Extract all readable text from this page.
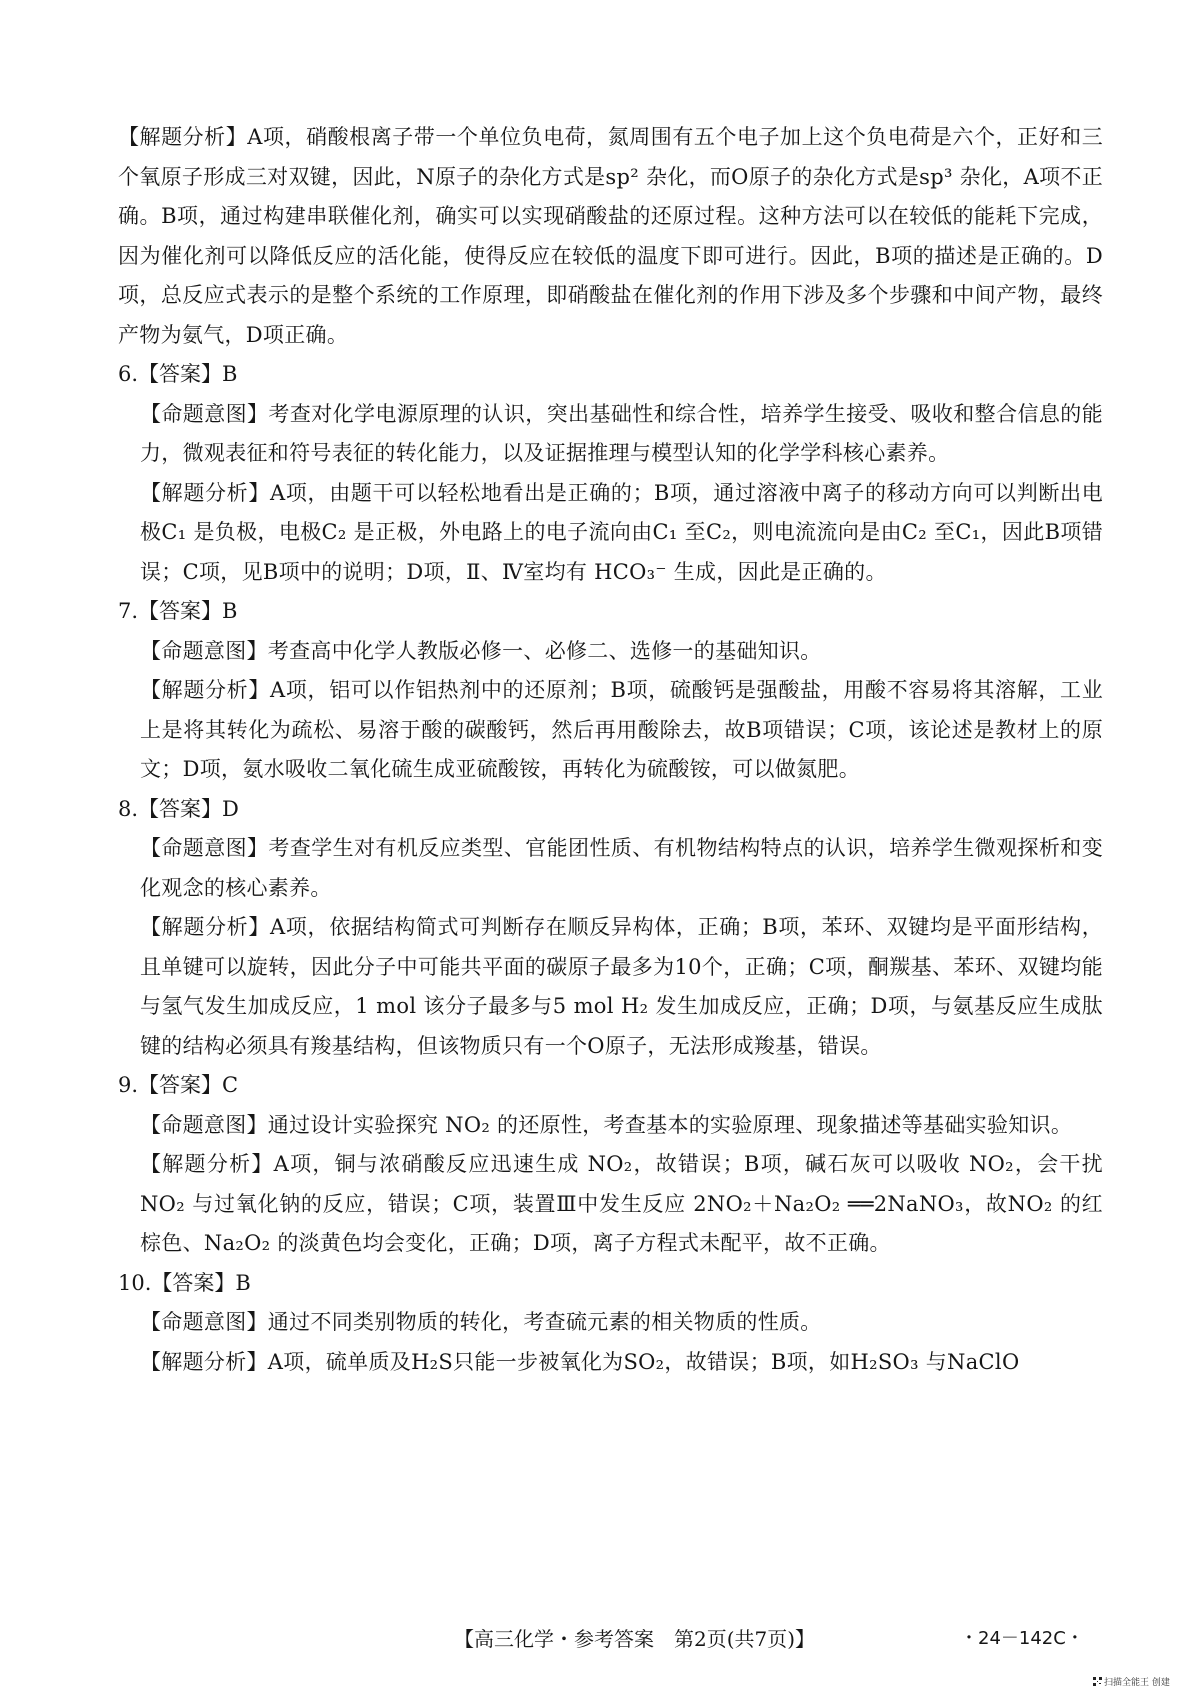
【解题分析】A项，硝酸根离子带一个单位负电荷，氮周围有五个电子加上这个负电荷是六个，正好和三个氧原子形成三对双键，因此，N原子的杂化方式是sp² 杂化，而O原子的杂化方式是sp³ 杂化，A项不正确。B项，通过构建串联催化剂，确实可以实现硝酸盐的还原过程。这种方法可以在较低的能耗下完成，因为催化剂可以降低反应的活化能，使得反应在较低的温度下即可进行。因此，B项的描述是正确的。D项，总反应式表示的是整个系统的工作原理，即硝酸盐在催化剂的作用下涉及多个步骤和中间产物，最终产物为氨气，D项正确。

6.【答案】B

【命题意图】考查对化学电源原理的认识，突出基础性和综合性，培养学生接受、吸收和整合信息的能力，微观表征和符号表征的转化能力，以及证据推理与模型认知的化学学科核心素养。

【解题分析】A项，由题干可以轻松地看出是正确的；B项，通过溶液中离子的移动方向可以判断出电极C₁ 是负极，电极C₂ 是正极，外电路上的电子流向由C₁ 至C₂，则电流流向是由C₂ 至C₁，因此B项错误；C项，见B项中的说明；D项，Ⅱ、Ⅳ室均有 HCO₃⁻ 生成，因此是正确的。

7.【答案】B

【命题意图】考查高中化学人教版必修一、必修二、选修一的基础知识。

【解题分析】A项，铝可以作铝热剂中的还原剂；B项，硫酸钙是强酸盐，用酸不容易将其溶解，工业上是将其转化为疏松、易溶于酸的碳酸钙，然后再用酸除去，故B项错误；C项，该论述是教材上的原文；D项，氨水吸收二氧化硫生成亚硫酸铵，再转化为硫酸铵，可以做氮肥。

8.【答案】D

【命题意图】考查学生对有机反应类型、官能团性质、有机物结构特点的认识，培养学生微观探析和变化观念的核心素养。

【解题分析】A项，依据结构简式可判断存在顺反异构体，正确；B项，苯环、双键均是平面形结构，且单键可以旋转，因此分子中可能共平面的碳原子最多为10个，正确；C项，酮羰基、苯环、双键均能与氢气发生加成反应，1 mol 该分子最多与5 mol H₂ 发生加成反应，正确；D项，与氨基反应生成肽键的结构必须具有羧基结构，但该物质只有一个O原子，无法形成羧基，错误。

9.【答案】C

【命题意图】通过设计实验探究 NO₂ 的还原性，考查基本的实验原理、现象描述等基础实验知识。

【解题分析】A项，铜与浓硝酸反应迅速生成 NO₂，故错误；B项，碱石灰可以吸收 NO₂，会干扰 NO₂ 与过氧化钠的反应，错误；C项，装置Ⅲ中发生反应 2NO₂＋Na₂O₂ ══2NaNO₃，故NO₂ 的红棕色、Na₂O₂ 的淡黄色均会变化，正确；D项，离子方程式未配平，故不正确。

10.【答案】B

【命题意图】通过不同类别物质的转化，考查硫元素的相关物质的性质。

【解题分析】A项，硫单质及H₂S只能一步被氧化为SO₂，故错误；B项，如H₂SO₃ 与NaClO

【高三化学・参考答案　第2页(共7页)】	・24－142C・
扫描全能王 创建
